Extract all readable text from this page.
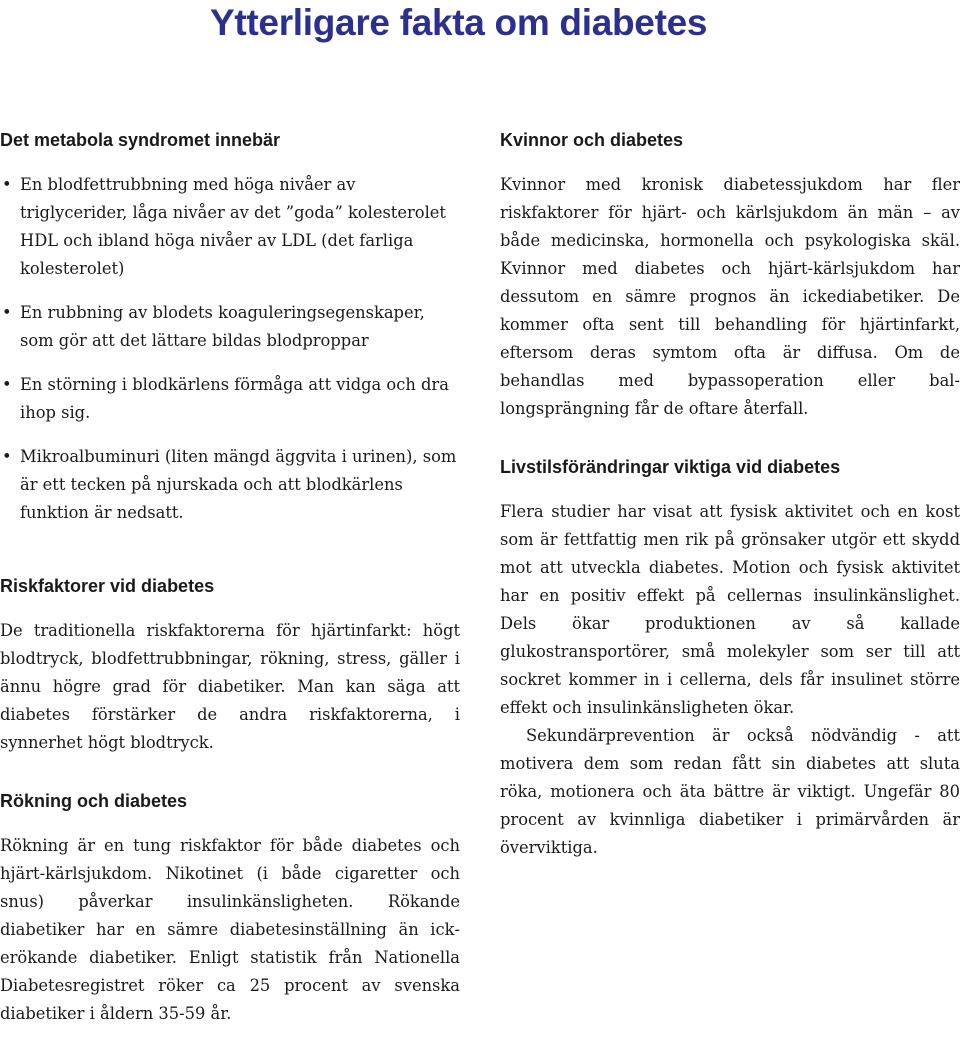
Ytterligare fakta om diabetes
Det metabola syndromet innebär
• En blodfettrubbning med höga nivåer av triglycerider, låga nivåer av det ”goda” kolesterolet HDL och ibland höga nivåer av LDL (det farliga kolesterolet)
• En rubbning av blodets koaguleringsegenskaper, som gör att det lättare bildas blodproppar
• En störning i blodkärlens förmåga att vidga och dra ihop sig.
• Mikroalbuminuri (liten mängd äggvita i urinen), som är ett tecken på njurskada och att blodkärlens funktion är nedsatt.
Riskfaktorer vid diabetes

De traditionella riskfaktorerna för hjärtinfarkt: högt blodtryck, blodfettrubbningar, rökning, stress, gäller i ännu högre grad för diabetiker. Man kan säga att diabetes förstärker de andra riskfaktorerna, i synnerhet högt blodtryck.

Rökning och diabetes

Rökning är en tung riskfaktor för både diabetes och hjärt-kärlsjukdom. Nikotinet (i både cigaretter och snus) påverkar insulinkänsligheten. Rökande diabetiker har en sämre diabetesinställning än ickerökande diabetiker. Enligt statistik från Nationella Diabetesregistret röker ca 25 procent av svenska diabetiker i åldern 35-59 år.

Kvinnor och diabetes

Kvinnor med kronisk diabetessjukdom har fler riskfaktorer för hjärt- och kärlsjukdom än män – av både medicinska, hormonella och psykologiska skäl. Kvinnor med diabetes och hjärt-kärlsjukdom har dessutom en sämre prognos än ickediabetiker. De kommer ofta sent till behandling för hjärtinfarkt, eftersom deras symtom ofta är diffusa. Om de behandlas med bypassoperation eller ballongsprängning får de oftare återfall.

Livstilsförändringar viktiga vid diabetes

Flera studier har visat att fysisk aktivitet och en kost som är fettfattig men rik på grönsaker utgör ett skydd mot att utveckla diabetes. Motion och fysisk aktivitet har en positiv effekt på cellernas insulinkänslighet. Dels ökar produktionen av så kallade glukostransportörer, små molekyler som ser till att sockret kommer in i cellerna, dels får insulinet större effekt och insulinkänsligheten ökar.

Sekundärprevention är också nödvändig - att motivera dem som redan fått sin diabetes att sluta röka, motionera och äta bättre är viktigt. Ungefär 80 procent av kvinnliga diabetiker i primärvården är överviktiga.
